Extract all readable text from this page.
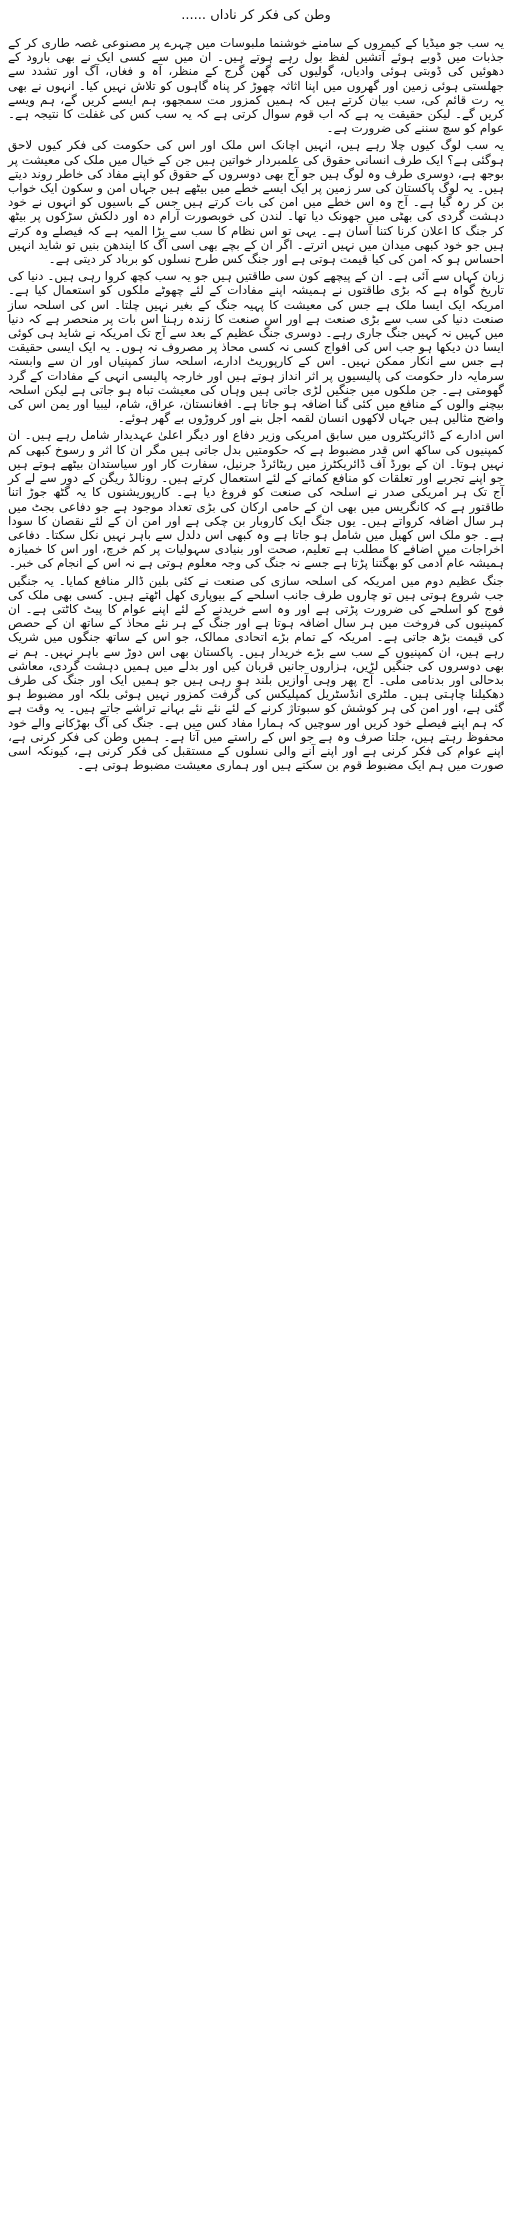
وطن کی فکر کر ناداں ......

یہ سب جو میڈیا کے کیمروں کے سامنے خوشنما ملبوسات میں چہرے پر مصنوعی غصہ طاری کر کے جذبات میں ڈوبے ہوئے آتشیں لفظ بول رہے ہوتے ہیں۔ ان میں سے کسی ایک نے بھی بارود کے دھوئیں کی ڈوبتی ہوئی وادیاں، گولیوں کی گھن گرج کے منظر، آہ و فغاں، آگ اور تشدد سے جھلستی ہوئی زمین اور گھروں میں اپنا اثاثہ چھوڑ کر پناہ گاہوں کو تلاش نہیں کیا۔ انہوں نے بھی یہ رت قائم کی، سب بیان کرتے ہیں کہ ہمیں کمزور مت سمجھو، ہم ایسے کریں گے، ہم ویسے کریں گے۔ لیکن حقیقت یہ ہے کہ اب قوم سوال کرتی ہے کہ یہ سب کس کی غفلت کا نتیجہ ہے۔ عوام کو سچ سننے کی ضرورت ہے۔

یہ سب لوگ کیوں چلا رہے ہیں، انہیں اچانک اس ملک اور اس کی حکومت کی فکر کیوں لاحق ہوگئی ہے؟ ایک طرف انسانی حقوق کی علمبردار خواتین ہیں جن کے خیال میں ملک کی معیشت پر بوجھ ہے، دوسری طرف وہ لوگ ہیں جو آج بھی دوسروں کے حقوق کو اپنے مفاد کی خاطر روند دیتے ہیں۔ یہ لوگ پاکستان کی سر زمین پر ایک ایسے خطے میں بیٹھے ہیں جہاں امن و سکون ایک خواب بن کر رہ گیا ہے۔ آج وہ اس خطے میں امن کی بات کرتے ہیں جس کے باسیوں کو انہوں نے خود دہشت گردی کی بھٹی میں جھونک دیا تھا۔ لندن کی خوبصورت آرام دہ اور دلکش سڑکوں پر بیٹھ کر جنگ کا اعلان کرنا کتنا آسان ہے۔ یہی تو اس نظام کا سب سے بڑا المیہ ہے کہ فیصلے وہ کرتے ہیں جو خود کبھی میدان میں نہیں اترتے۔ اگر ان کے بچے بھی اسی آگ کا ایندھن بنیں تو شاید انہیں احساس ہو کہ امن کی کیا قیمت ہوتی ہے اور جنگ کس طرح نسلوں کو برباد کر دیتی ہے۔

زبان کہاں سے آئی ہے۔ ان کے پیچھے کون سی طاقتیں ہیں جو یہ سب کچھ کروا رہی ہیں۔ دنیا کی تاریخ گواہ ہے کہ بڑی طاقتوں نے ہمیشہ اپنے مفادات کے لئے چھوٹے ملکوں کو استعمال کیا ہے۔ امریکہ ایک ایسا ملک ہے جس کی معیشت کا پہیہ جنگ کے بغیر نہیں چلتا۔ اس کی اسلحہ ساز صنعت دنیا کی سب سے بڑی صنعت ہے اور اس صنعت کا زندہ رہنا اس بات پر منحصر ہے کہ دنیا میں کہیں نہ کہیں جنگ جاری رہے۔ دوسری جنگ عظیم کے بعد سے آج تک امریکہ نے شاید ہی کوئی ایسا دن دیکھا ہو جب اس کی افواج کسی نہ کسی محاذ پر مصروف نہ ہوں۔ یہ ایک ایسی حقیقت ہے جس سے انکار ممکن نہیں۔ اس کے کارپوریٹ ادارے، اسلحہ ساز کمپنیاں اور ان سے وابستہ سرمایہ دار حکومت کی پالیسیوں پر اثر انداز ہوتے ہیں اور خارجہ پالیسی انہی کے مفادات کے گرد گھومتی ہے۔ جن ملکوں میں جنگیں لڑی جاتی ہیں وہاں کی معیشت تباہ ہو جاتی ہے لیکن اسلحہ بیچنے والوں کے منافع میں کئی گنا اضافہ ہو جاتا ہے۔ افغانستان، عراق، شام، لیبیا اور یمن اس کی واضح مثالیں ہیں جہاں لاکھوں انسان لقمہ اجل بنے اور کروڑوں بے گھر ہوئے۔

اس ادارے کے ڈائریکٹروں میں سابق امریکی وزیر دفاع اور دیگر اعلیٰ عہدیدار شامل رہے ہیں۔ ان کمپنیوں کی ساکھ اس قدر مضبوط ہے کہ حکومتیں بدل جاتی ہیں مگر ان کا اثر و رسوخ کبھی کم نہیں ہوتا۔ ان کے بورڈ آف ڈائریکٹرز میں ریٹائرڈ جرنیل، سفارت کار اور سیاستدان بیٹھے ہوتے ہیں جو اپنے تجربے اور تعلقات کو منافع کمانے کے لئے استعمال کرتے ہیں۔ رونالڈ ریگن کے دور سے لے کر آج تک ہر امریکی صدر نے اسلحہ کی صنعت کو فروغ دیا ہے۔ کارپوریشنوں کا یہ گٹھ جوڑ اتنا طاقتور ہے کہ کانگریس میں بھی ان کے حامی ارکان کی بڑی تعداد موجود ہے جو دفاعی بجٹ میں ہر سال اضافہ کرواتے ہیں۔ یوں جنگ ایک کاروبار بن چکی ہے اور امن ان کے لئے نقصان کا سودا ہے۔ جو ملک اس کھیل میں شامل ہو جاتا ہے وہ کبھی اس دلدل سے باہر نہیں نکل سکتا۔ دفاعی اخراجات میں اضافے کا مطلب ہے تعلیم، صحت اور بنیادی سہولیات پر کم خرچ، اور اس کا خمیازہ ہمیشہ عام آدمی کو بھگتنا پڑتا ہے جسے نہ جنگ کی وجہ معلوم ہوتی ہے نہ اس کے انجام کی خبر۔

جنگ عظیم دوم میں امریکہ کی اسلحہ سازی کی صنعت نے کئی بلین ڈالر منافع کمایا۔ یہ جنگیں جب شروع ہوتی ہیں تو چاروں طرف جانب اسلحے کے بیوپاری کھل اٹھتے ہیں۔ کسی بھی ملک کی فوج کو اسلحے کی ضرورت پڑتی ہے اور وہ اسے خریدنے کے لئے اپنے عوام کا پیٹ کاٹتی ہے۔ ان کمپنیوں کی فروخت میں ہر سال اضافہ ہوتا ہے اور جنگ کے ہر نئے محاذ کے ساتھ ان کے حصص کی قیمت بڑھ جاتی ہے۔ امریکہ کے تمام بڑے اتحادی ممالک، جو اس کے ساتھ جنگوں میں شریک رہے ہیں، ان کمپنیوں کے سب سے بڑے خریدار ہیں۔ پاکستان بھی اس دوڑ سے باہر نہیں۔ ہم نے بھی دوسروں کی جنگیں لڑیں، ہزاروں جانیں قربان کیں اور بدلے میں ہمیں دہشت گردی، معاشی بدحالی اور بدنامی ملی۔ آج پھر وہی آوازیں بلند ہو رہی ہیں جو ہمیں ایک اور جنگ کی طرف دھکیلنا چاہتی ہیں۔ ملٹری انڈسٹریل کمپلیکس کی گرفت کمزور نہیں ہوئی بلکہ اور مضبوط ہو گئی ہے، اور امن کی ہر کوشش کو سبوتاژ کرنے کے لئے نئے نئے بہانے تراشے جاتے ہیں۔ یہ وقت ہے کہ ہم اپنے فیصلے خود کریں اور سوچیں کہ ہمارا مفاد کس میں ہے۔ جنگ کی آگ بھڑکانے والے خود محفوظ رہتے ہیں، جلتا صرف وہ ہے جو اس کے راستے میں آتا ہے۔ ہمیں وطن کی فکر کرنی ہے، اپنے عوام کی فکر کرنی ہے اور اپنے آنے والی نسلوں کے مستقبل کی فکر کرنی ہے، کیونکہ اسی صورت میں ہم ایک مضبوط قوم بن سکتے ہیں اور ہماری معیشت مضبوط ہوتی ہے۔
